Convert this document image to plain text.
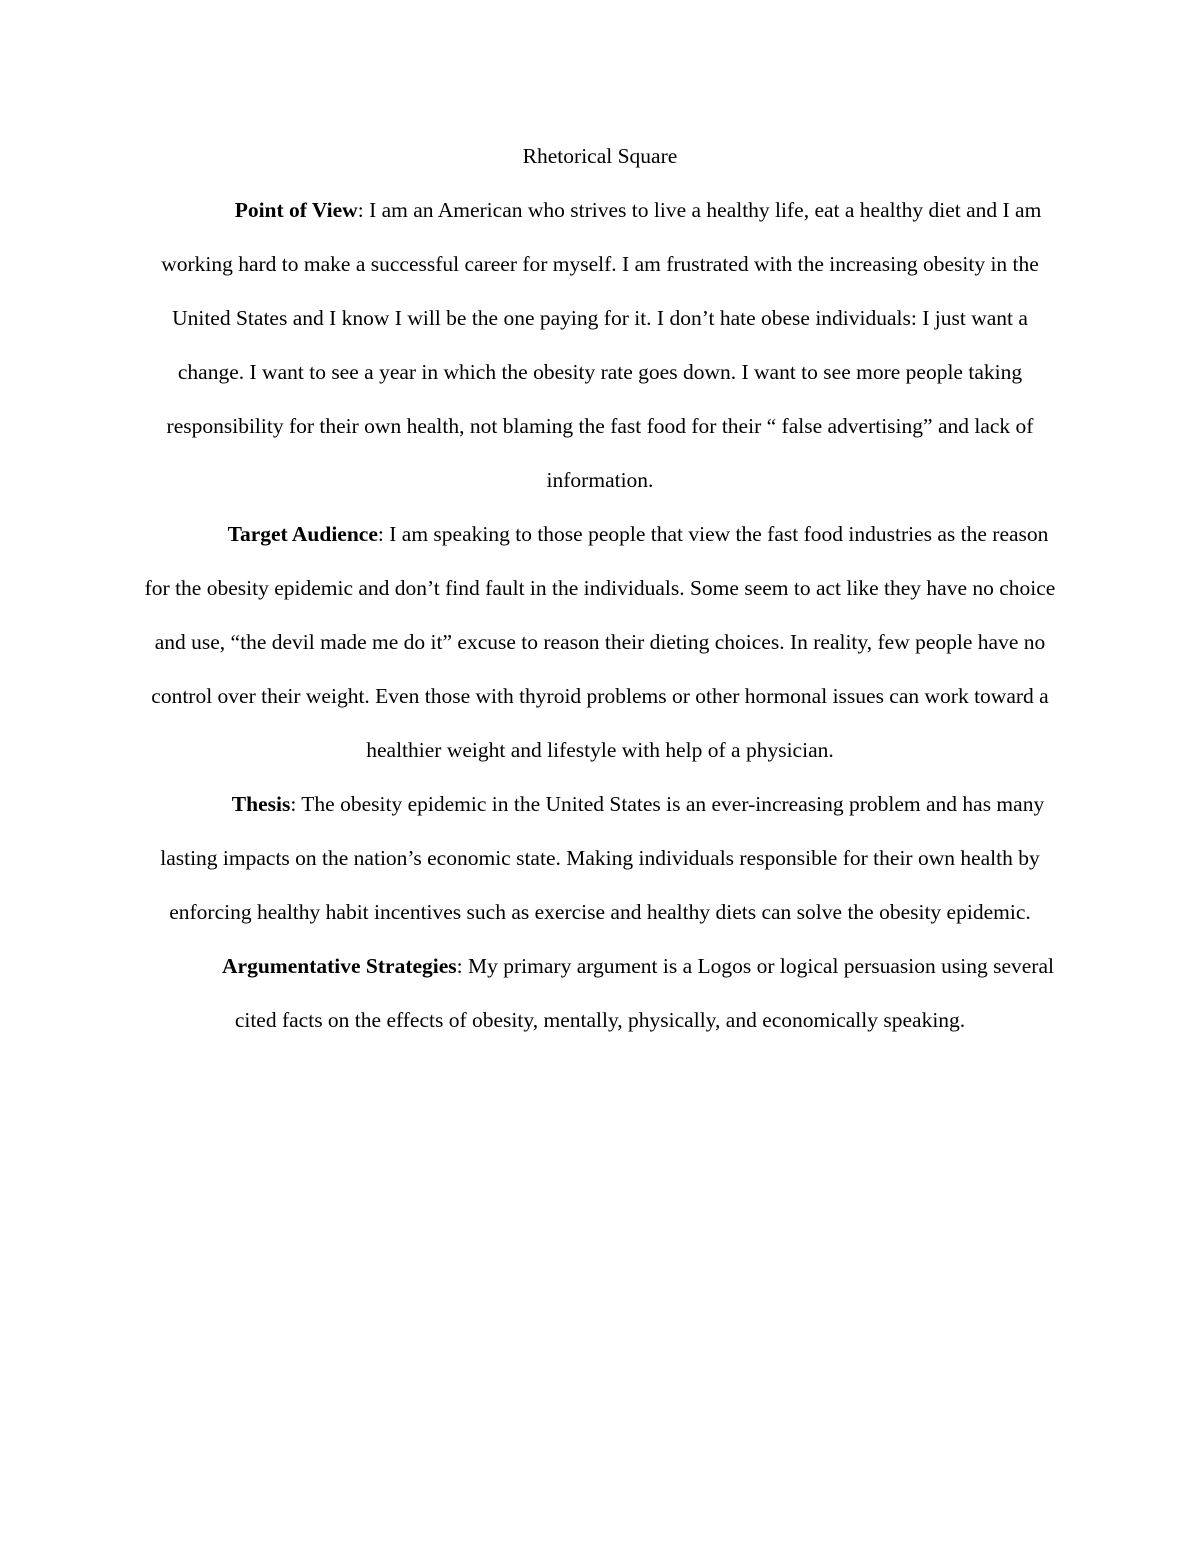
Rhetorical Square

Point of View: I am an American who strives to live a healthy life, eat a healthy diet and I am working hard to make a successful career for myself. I am frustrated with the increasing obesity in the United States and I know I will be the one paying for it. I don’t hate obese individuals: I just want a change. I want to see a year in which the obesity rate goes down. I want to see more people taking responsibility for their own health, not blaming the fast food for their “ false advertising” and lack of information.

Target Audience: I am speaking to those people that view the fast food industries as the reason for the obesity epidemic and don’t find fault in the individuals. Some seem to act like they have no choice and use, “the devil made me do it” excuse to reason their dieting choices. In reality, few people have no control over their weight. Even those with thyroid problems or other hormonal issues can work toward a healthier weight and lifestyle with help of a physician.

Thesis: The obesity epidemic in the United States is an ever-increasing problem and has many lasting impacts on the nation’s economic state. Making individuals responsible for their own health by enforcing healthy habit incentives such as exercise and healthy diets can solve the obesity epidemic.

Argumentative Strategies: My primary argument is a Logos or logical persuasion using several cited facts on the effects of obesity, mentally, physically, and economically speaking.
